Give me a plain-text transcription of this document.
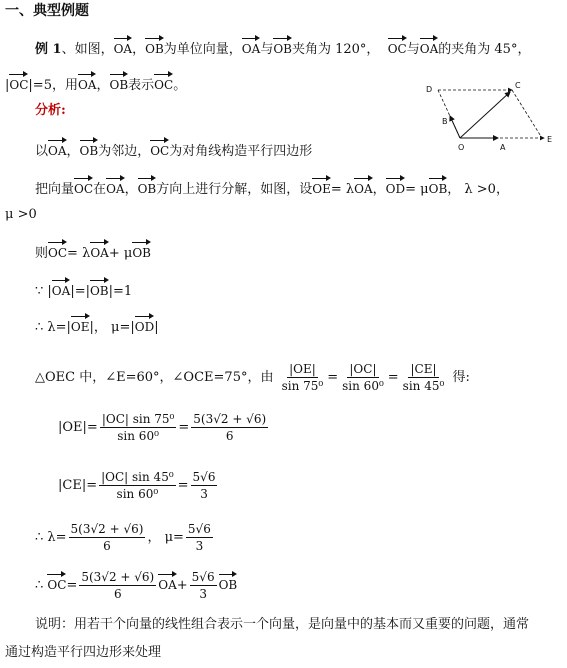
一、典型例题
例 1、如图，OA，OB为单位向量，OA与OB夹角为 120°， OC与OA的夹角为 45°，
|OC|=5，用OA，OB表示OC。
分析:
D	C
B
O	A
E
以OA，OB为邻边，OC为对角线构造平行四边形
把向量OC在OA，OB方向上进行分解，如图，设OE= λOA，OD= μOB， λ >0，
μ >0
则OC= λOA+ μOB
∵ |OA|=|OB|=1
∴ λ=|OE|， μ=|OD|
△OEC 中，∠E=60°，∠OCE=75°，由 $\frac{|OE|}{\text{sin 75⁰}} = \frac{|OC|}{\text{sin 60⁰}} = \frac{|CE|}{\text{sin 45⁰}}$ 得:
$|OE|= \frac{\text{|OC| sin 75⁰}}{\text{sin 60⁰}} = \frac{5(3√2 + √6)}{6}$
$|CE|= \frac{\text{|OC| sin 45⁰}}{\text{sin 60⁰}} = \frac{5√6}{3}$
∴ $\lambda= \frac{5(3√2 + √6)}{6}$ ， $\mu= \frac{5√6}{3}$
∴ $OC= \frac{5(3√2 + √6)}{6} OA+ \frac{5√6}{3}$ OB
说明：用若干个向量的线性组合表示一个向量，是向量中的基本而又重要的问题，通常
通过构造平行四边形来处理
